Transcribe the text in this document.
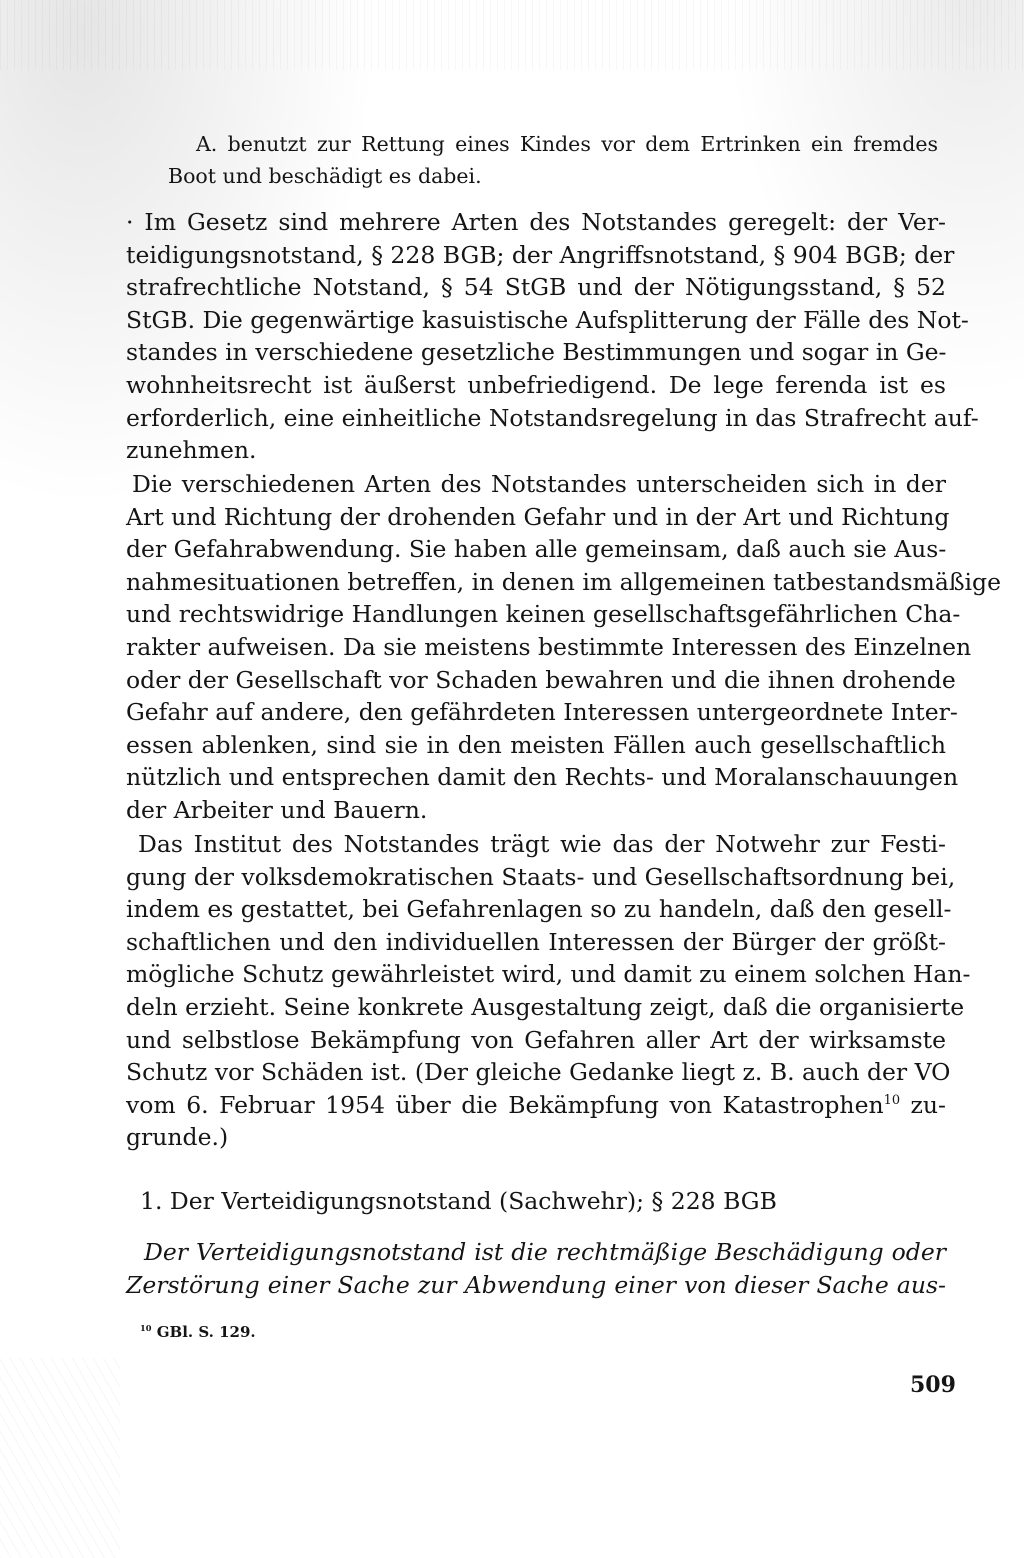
A. benutzt zur Rettung eines Kindes vor dem Ertrinken ein fremdes
Boot und beschädigt es dabei.
· Im Gesetz sind mehrere Arten des Notstandes geregelt: der Ver-
teidigungsnotstand, § 228 BGB; der Angriffsnotstand, § 904 BGB; der
strafrechtliche Notstand, § 54 StGB und der Nötigungsstand, § 52
StGB. Die gegenwärtige kasuistische Aufsplitterung der Fälle des Not-
standes in verschiedene gesetzliche Bestimmungen und sogar in Ge-
wohnheitsrecht ist äußerst unbefriedigend. De lege ferenda ist es
erforderlich, eine einheitliche Notstandsregelung in das Strafrecht auf-
zunehmen.
Die verschiedenen Arten des Notstandes unterscheiden sich in der
Art und Richtung der drohenden Gefahr und in der Art und Richtung
der Gefahrabwendung. Sie haben alle gemeinsam, daß auch sie Aus-
nahmesituationen betreffen, in denen im allgemeinen tatbestandsmäßige
und rechtswidrige Handlungen keinen gesellschaftsgefährlichen Cha-
rakter aufweisen. Da sie meistens bestimmte Interessen des Einzelnen
oder der Gesellschaft vor Schaden bewahren und die ihnen drohende
Gefahr auf andere, den gefährdeten Interessen untergeordnete Inter-
essen ablenken, sind sie in den meisten Fällen auch gesellschaftlich
nützlich und entsprechen damit den Rechts- und Moralanschauungen
der Arbeiter und Bauern.
Das Institut des Notstandes trägt wie das der Notwehr zur Festi-
gung der volksdemokratischen Staats- und Gesellschaftsordnung bei,
indem es gestattet, bei Gefahrenlagen so zu handeln, daß den gesell-
schaftlichen und den individuellen Interessen der Bürger der größt-
mögliche Schutz gewährleistet wird, und damit zu einem solchen Han-
deln erzieht. Seine konkrete Ausgestaltung zeigt, daß die organisierte
und selbstlose Bekämpfung von Gefahren aller Art der wirksamste
Schutz vor Schäden ist. (Der gleiche Gedanke liegt z. B. auch der VO
vom 6. Februar 1954 über die Bekämpfung von Katastrophen$^{10}$ zu-
grunde.)
1. Der Verteidigungsnotstand (Sachwehr); § 228 BGB
Der Verteidigungsnotstand ist die rechtmäßige Beschädigung oder
Zerstörung einer Sache zur Abwendung einer von dieser Sache aus-
$^{10}$ GBl. S. 129.
509
